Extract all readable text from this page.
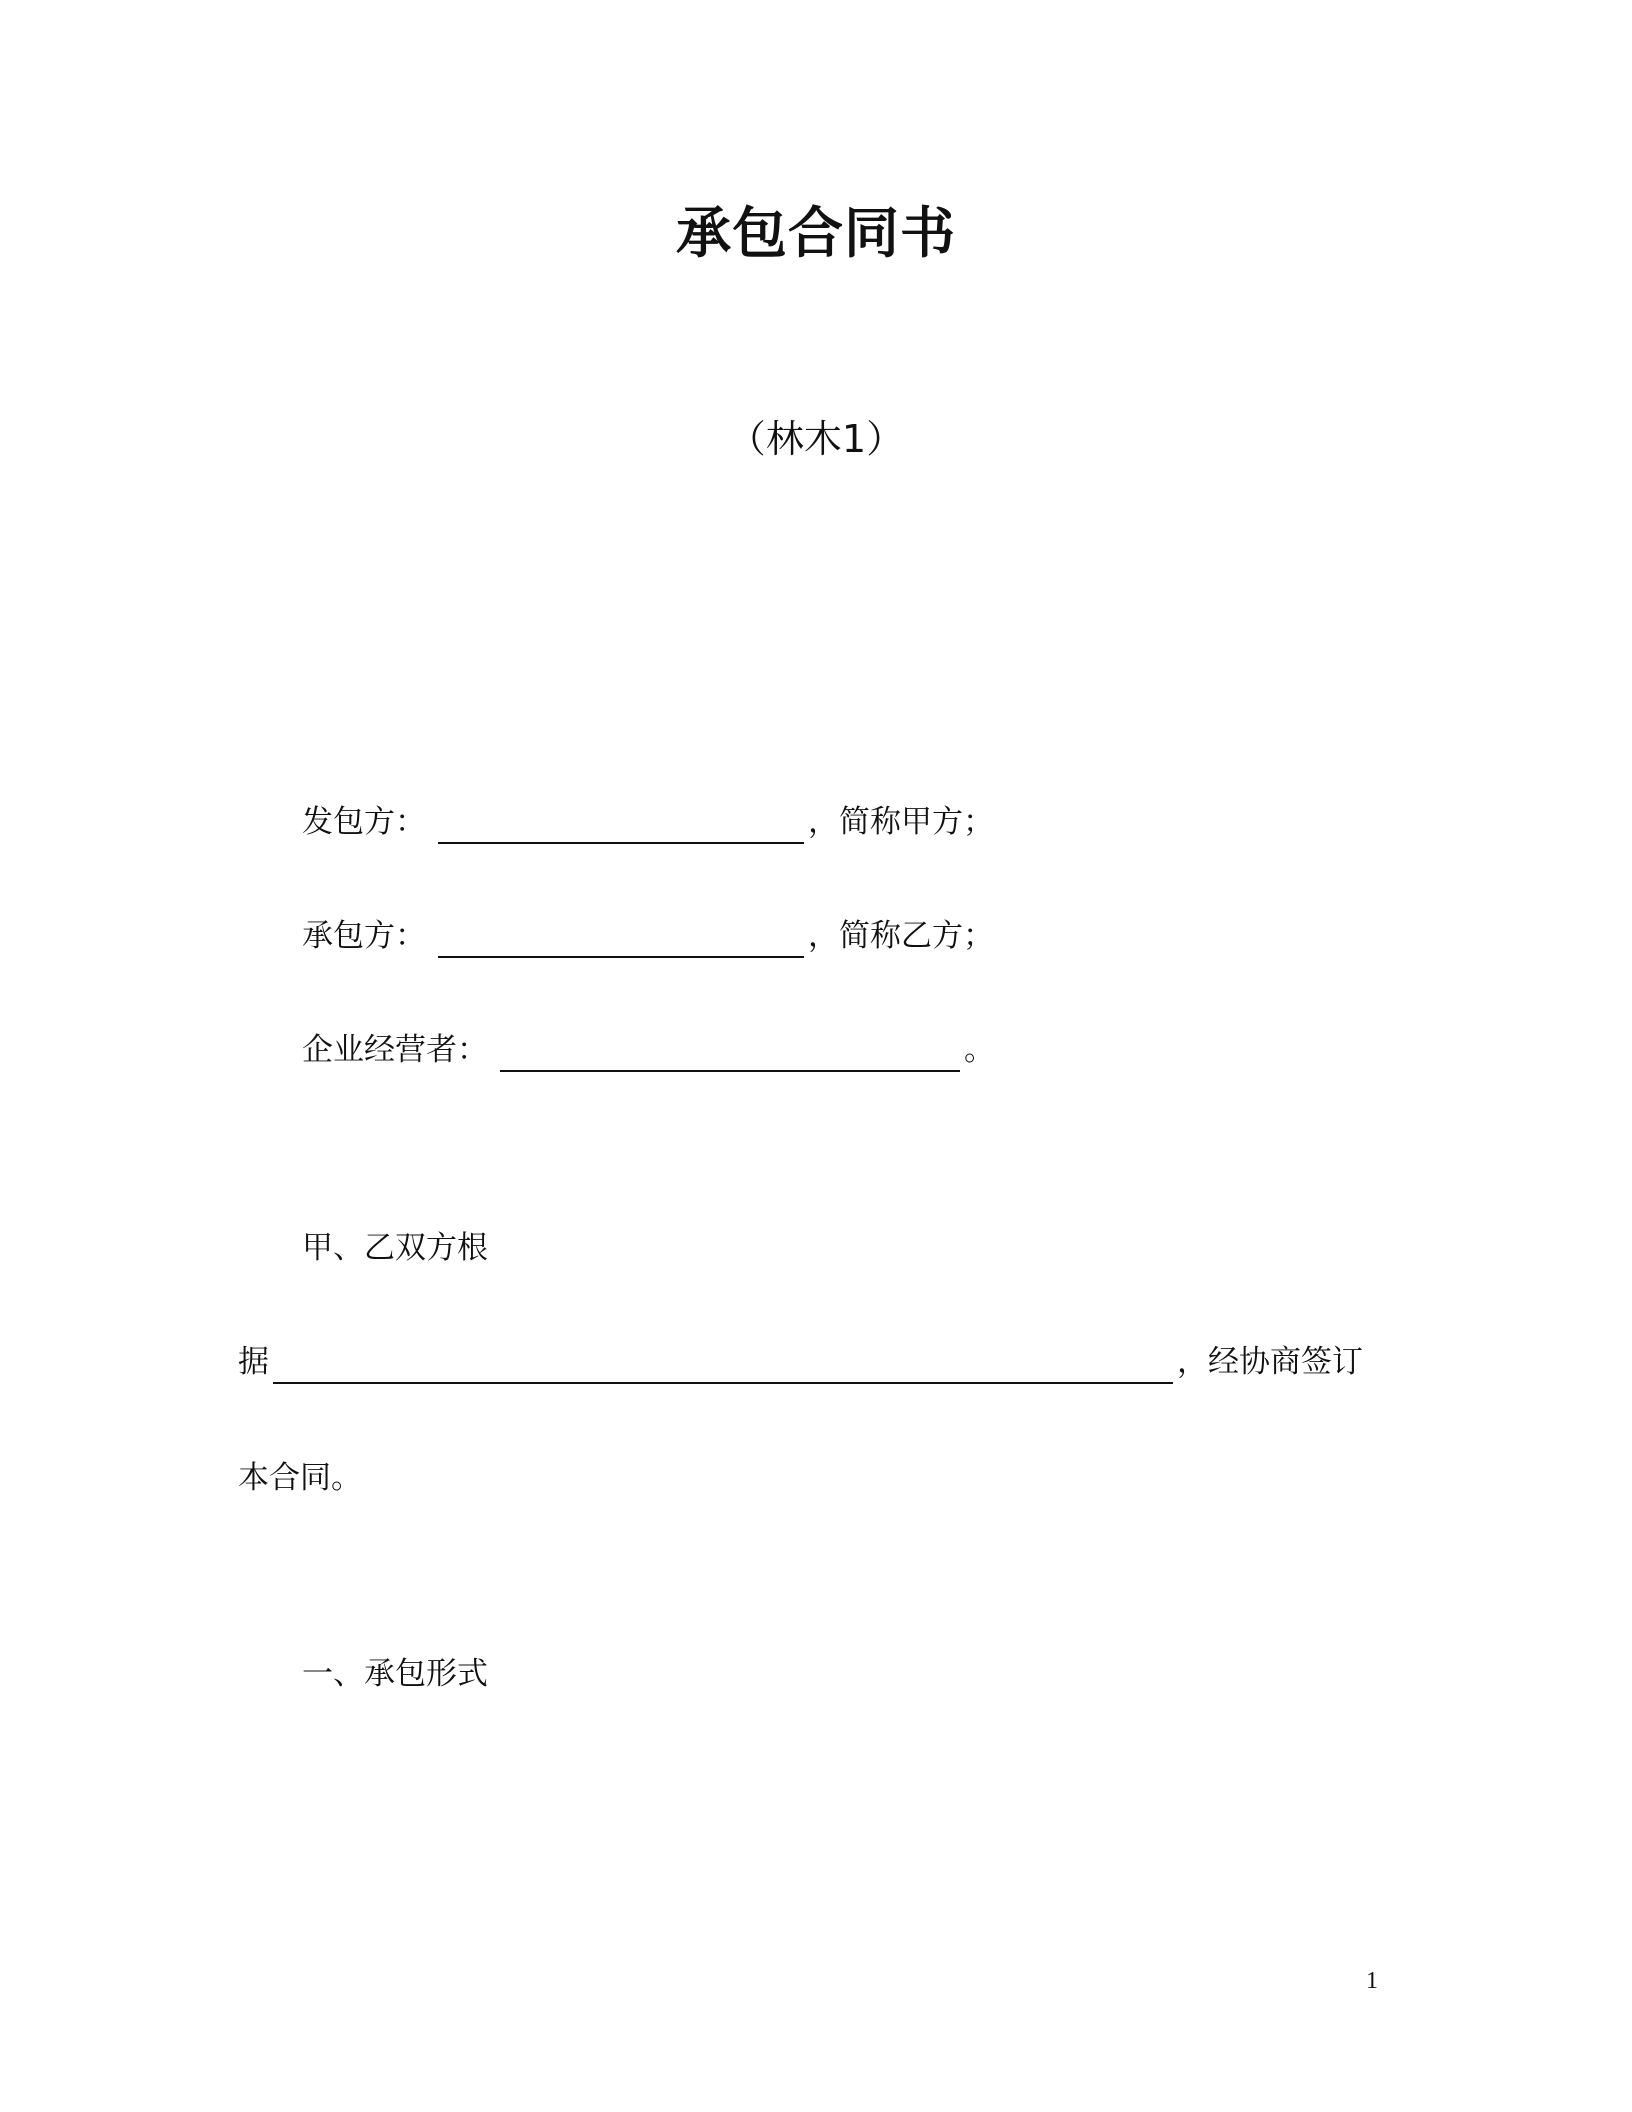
承包合同书
（林木1）
发包方：	，简称甲方；
承包方：	，简称乙方；
企业经营者：	。
甲、乙双方根
据	，经协商签订
本合同。
一、承包形式
1
